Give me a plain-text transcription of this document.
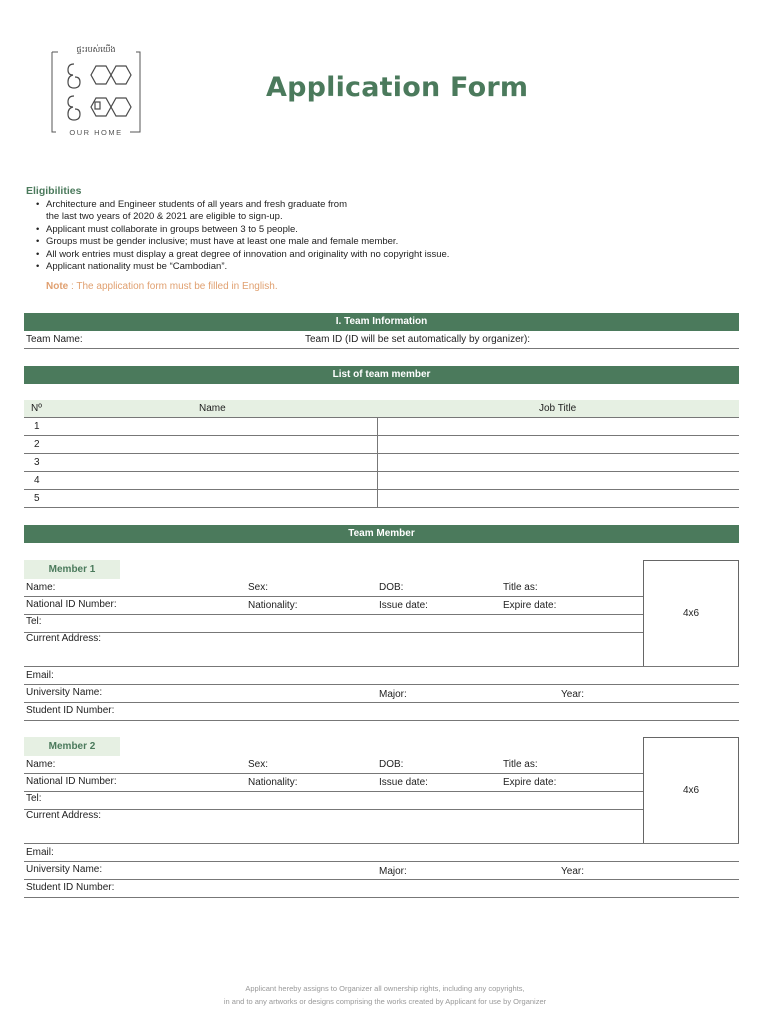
ផ្ទះរបស់យើង
OUR HOME
Application Form
Eligibilities
• Architecture and Engineer students of all years and fresh graduate from
the last two years of 2020 & 2021 are eligible to sign-up.
• Applicant must collaborate in groups between 3 to 5 people.
• Groups must be gender inclusive; must have at least one male and female member.
• All work entries must display a great degree of innovation and originality with no copyright issue.
• Applicant nationality must be “Cambodian”.
Note : The application form must be filled in English.
I. Team Information
Team Name:	Team ID (ID will be set automatically by organizer):
List of team member
Nº	Name	Job Title
1
2
3
4
5
Team Member
Member 1
4x6
Name:	Sex:	DOB:	Title as:
National ID Number:	Nationality:	Issue date:	Expire date:
Tel:
Current Address:
Email:
University Name:	Major:	Year:
Student ID Number:
Member 2
4x6
Name:	Sex:	DOB:	Title as:
National ID Number:	Nationality:	Issue date:	Expire date:
Tel:
Current Address:
Email:
University Name:	Major:	Year:
Student ID Number:
Applicant hereby assigns to Organizer all ownership rights, including any copyrights,
in and to any artworks or designs comprising the works created by Applicant for use by Organizer
